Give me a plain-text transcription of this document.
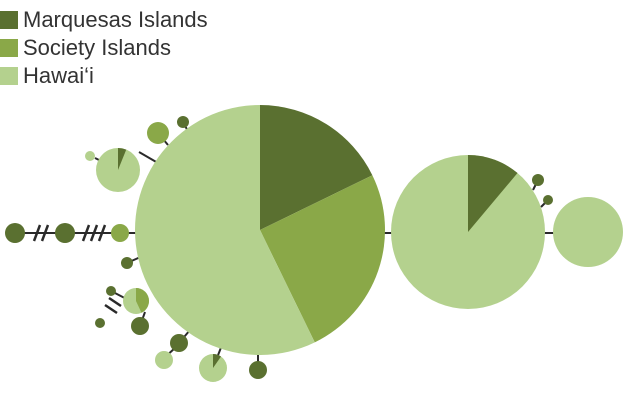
Marquesas Islands
Society Islands
Hawai‘i
